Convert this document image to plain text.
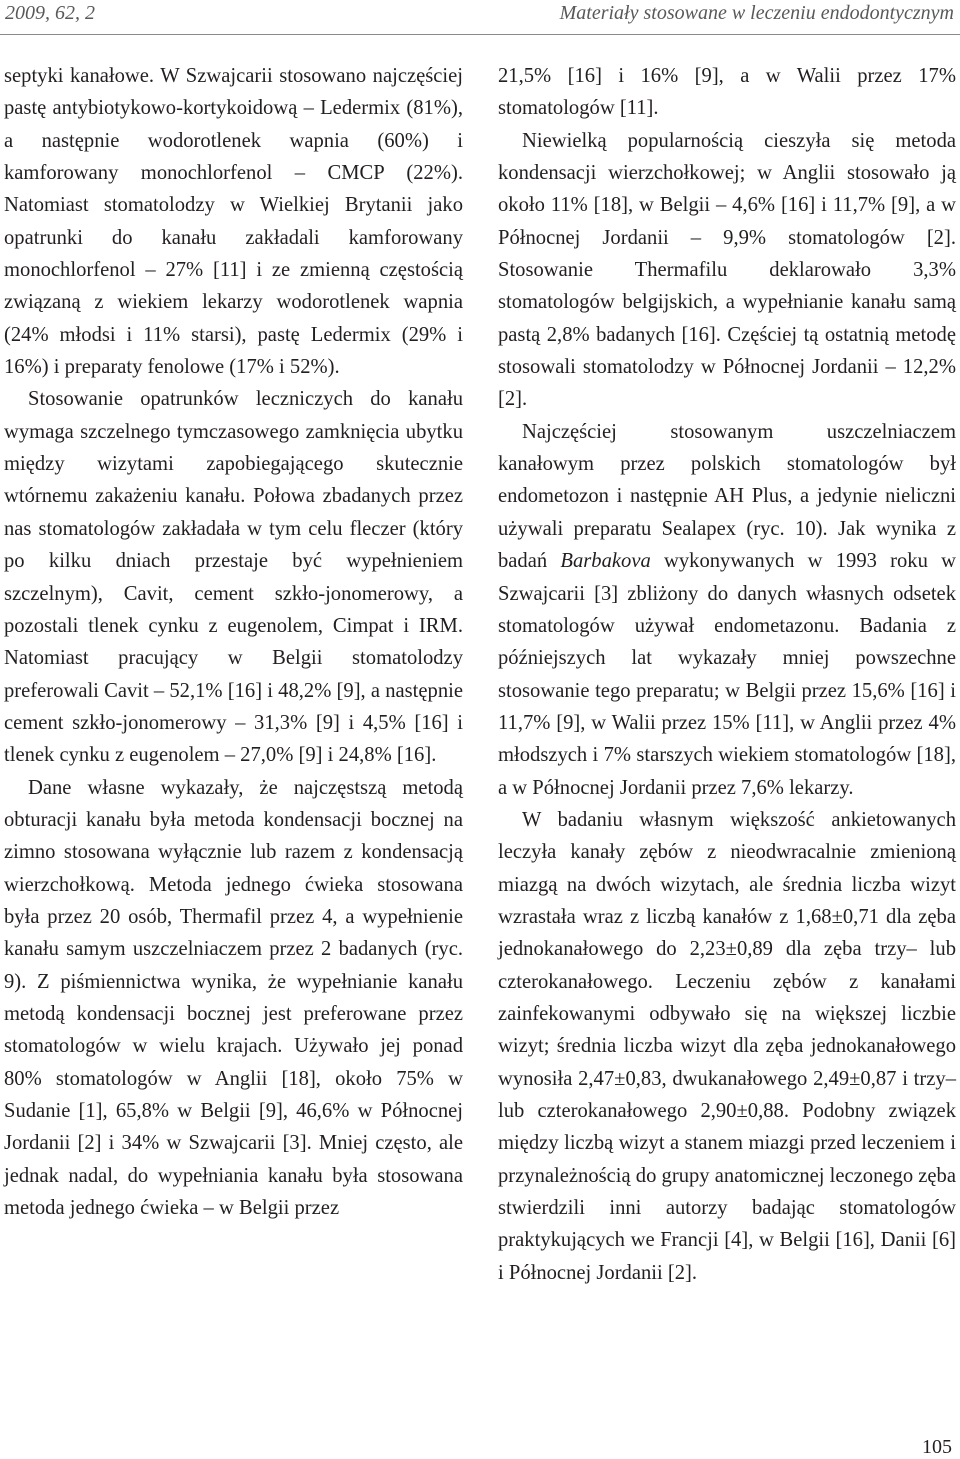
2009, 62, 2	Materiały stosowane w leczeniu endodontycznym

septyki kanałowe. W Szwajcarii stosowano najczęściej pastę antybiotykowo-kortykoidową – Ledermix (81%), a następnie wodorotlenek wapnia (60%) i kamforowany monochlorfenol – CMCP (22%). Natomiast stomatolodzy w Wielkiej Brytanii jako opatrunki do kanału zakładali kamforowany monochlorfenol – 27% [11] i ze zmienną częstością związaną z wiekiem lekarzy wodorotlenek wapnia (24% młodsi i 11% starsi), pastę Ledermix (29% i 16%) i preparaty fenolowe (17% i 52%).

Stosowanie opatrunków leczniczych do kanału wymaga szczelnego tymczasowego zamknięcia ubytku między wizytami zapobiegającego skutecznie wtórnemu zakażeniu kanału. Połowa zbadanych przez nas stomatologów zakładała w tym celu fleczer (który po kilku dniach przestaje być wypełnieniem szczelnym), Cavit, cement szkło-jonomerowy, a pozostali tlenek cynku z eugenolem, Cimpat i IRM. Natomiast pracujący w Belgii stomatolodzy preferowali Cavit – 52,1% [16] i 48,2% [9], a następnie cement szkło-jonomerowy – 31,3% [9] i 4,5% [16] i tlenek cynku z eugenolem – 27,0% [9] i 24,8% [16].

Dane własne wykazały, że najczęstszą metodą obturacji kanału była metoda kondensacji bocznej na zimno stosowana wyłącznie lub razem z kondensacją wierzchołkową. Metoda jednego ćwieka stosowana była przez 20 osób, Thermafil przez 4, a wypełnienie kanału samym uszczelniaczem przez 2 badanych (ryc. 9). Z piśmiennictwa wynika, że wypełnianie kanału metodą kondensacji bocznej jest preferowane przez stomatologów w wielu krajach. Używało jej ponad 80% stomatologów w Anglii [18], około 75% w Sudanie [1], 65,8% w Belgii [9], 46,6% w Północnej Jordanii [2] i 34% w Szwajcarii [3]. Mniej często, ale jednak nadal, do wypełniania kanału była stosowana metoda jednego ćwieka – w Belgii przez

21,5% [16] i 16% [9], a w Walii przez 17% stomatologów [11].

Niewielką popularnością cieszyła się metoda kondensacji wierzchołkowej; w Anglii stosowało ją około 11% [18], w Belgii – 4,6% [16] i 11,7% [9], a w Północnej Jordanii – 9,9% stomatologów [2]. Stosowanie Thermafilu deklarowało 3,3% stomatologów belgijskich, a wypełnianie kanału samą pastą 2,8% badanych [16]. Częściej tą ostatnią metodę stosowali stomatolodzy w Północnej Jordanii – 12,2% [2].

Najczęściej stosowanym uszczelniaczem kanałowym przez polskich stomatologów był endometozon i następnie AH Plus, a jedynie nieliczni używali preparatu Sealapex (ryc. 10). Jak wynika z badań Barbakova wykonywanych w 1993 roku w Szwajcarii [3] zbliżony do danych własnych odsetek stomatologów używał endometazonu. Badania z późniejszych lat wykazały mniej powszechne stosowanie tego preparatu; w Belgii przez 15,6% [16] i 11,7% [9], w Walii przez 15% [11], w Anglii przez 4% młodszych i 7% starszych wiekiem stomatologów [18], a w Północnej Jordanii przez 7,6% lekarzy.

W badaniu własnym większość ankietowanych leczyła kanały zębów z nieodwracalnie zmienioną miazgą na dwóch wizytach, ale średnia liczba wizyt wzrastała wraz z liczbą kanałów z 1,68±0,71 dla zęba jednokanałowego do 2,23±0,89 dla zęba trzy– lub czterokanałowego. Leczeniu zębów z kanałami zainfekowanymi odbywało się na większej liczbie wizyt; średnia liczba wizyt dla zęba jednokanałowego wynosiła 2,47±0,83, dwukanałowego 2,49±0,87 i trzy– lub czterokanałowego 2,90±0,88. Podobny związek między liczbą wizyt a stanem miazgi przed leczeniem i przynależnością do grupy anatomicznej leczonego zęba stwierdzili inni autorzy badając stomatologów praktykujących we Francji [4], w Belgii [16], Danii [6] i Północnej Jordanii [2].

105
